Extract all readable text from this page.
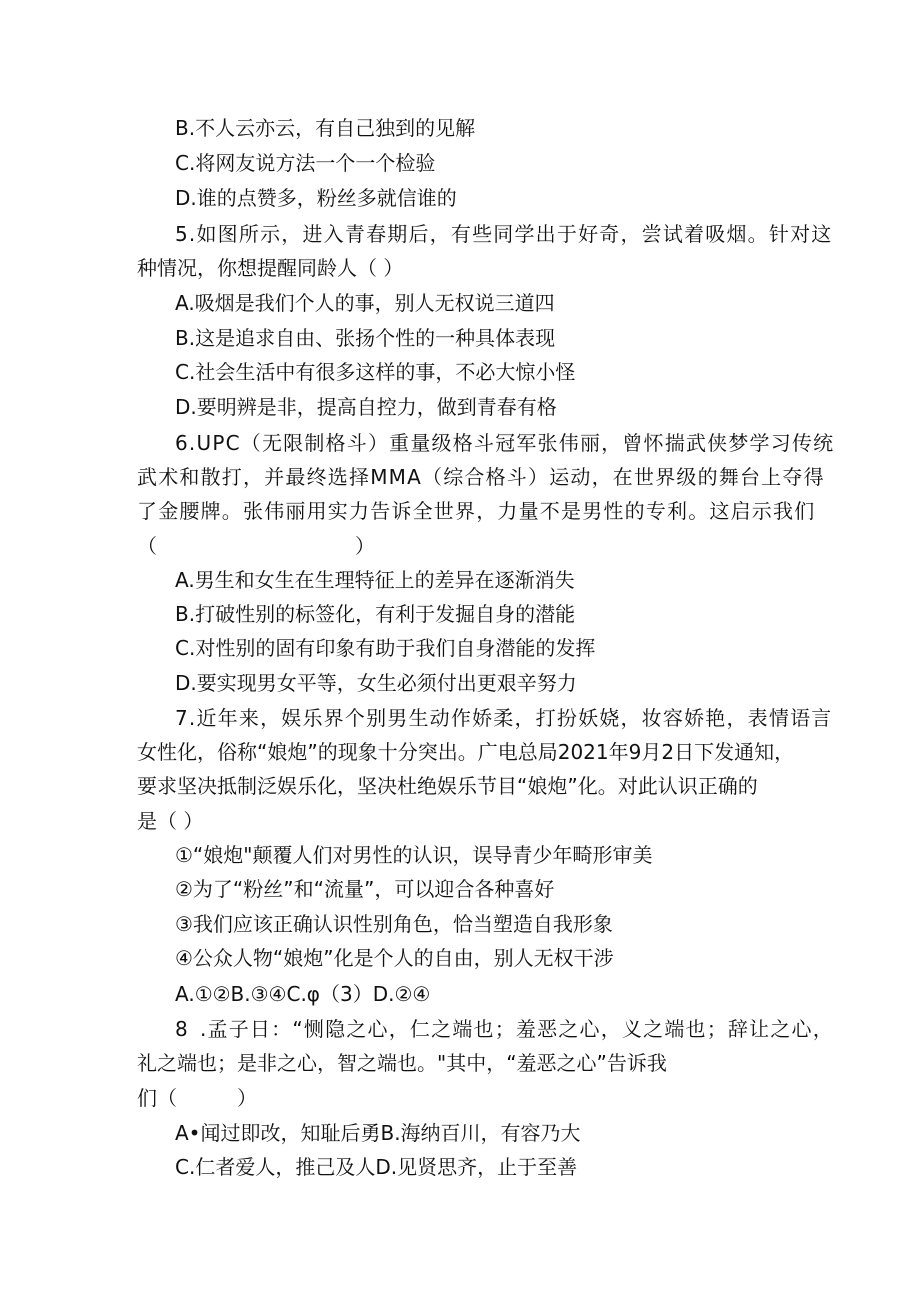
B.不人云亦云，有自己独到的见解
C.将网友说方法一个一个检验
D.谁的点赞多，粉丝多就信谁的
5.如图所示，进入青春期后，有些同学出于好奇，尝试着吸烟。针对这
种情况，你想提醒同龄人（ ）
A.吸烟是我们个人的事，别人无权说三道四
B.这是追求自由、张扬个性的一种具体表现
C.社会生活中有很多这样的事，不必大惊小怪
D.要明辨是非，提高自控力，做到青春有格
6.UPC（无限制格斗）重量级格斗冠军张伟丽，曾怀揣武侠梦学习传统
武术和散打，并最终选择MMA（综合格斗）运动，在世界级的舞台上夺得
了金腰牌。张伟丽用实力告诉全世界，力量不是男性的专利。这启示我们
（	）
A.男生和女生在生理特征上的差异在逐渐消失
B.打破性别的标签化，有利于发掘自身的潜能
C.对性别的固有印象有助于我们自身潜能的发挥
D.要实现男女平等，女生必须付出更艰辛努力
7.近年来，娱乐界个别男生动作娇柔，打扮妖娆，妆容娇艳，表情语言
女性化，俗称“娘炮”的现象十分突出。广电总局2021年9月2日下发通知，
要求坚决抵制泛娱乐化，坚决杜绝娱乐节目“娘炮”化。对此认识正确的
是（ ）
①“娘炮"颠覆人们对男性的认识，误导青少年畸形审美
②为了“粉丝”和“流量”，可以迎合各种喜好
③我们应该正确认识性别角色，恰当塑造自我形象
④公众人物“娘炮”化是个人的自由，别人无权干涉
A.①②B.③④C.φ（3）D.②④
8 .孟子日：“恻隐之心，仁之端也；羞恶之心，义之端也；辞让之心，
礼之端也；是非之心，智之端也。"其中，“羞恶之心”告诉我
们（　　　）
A•闻过即改，知耻后勇B.海纳百川，有容乃大
C.仁者爱人，推己及人D.见贤思齐，止于至善
